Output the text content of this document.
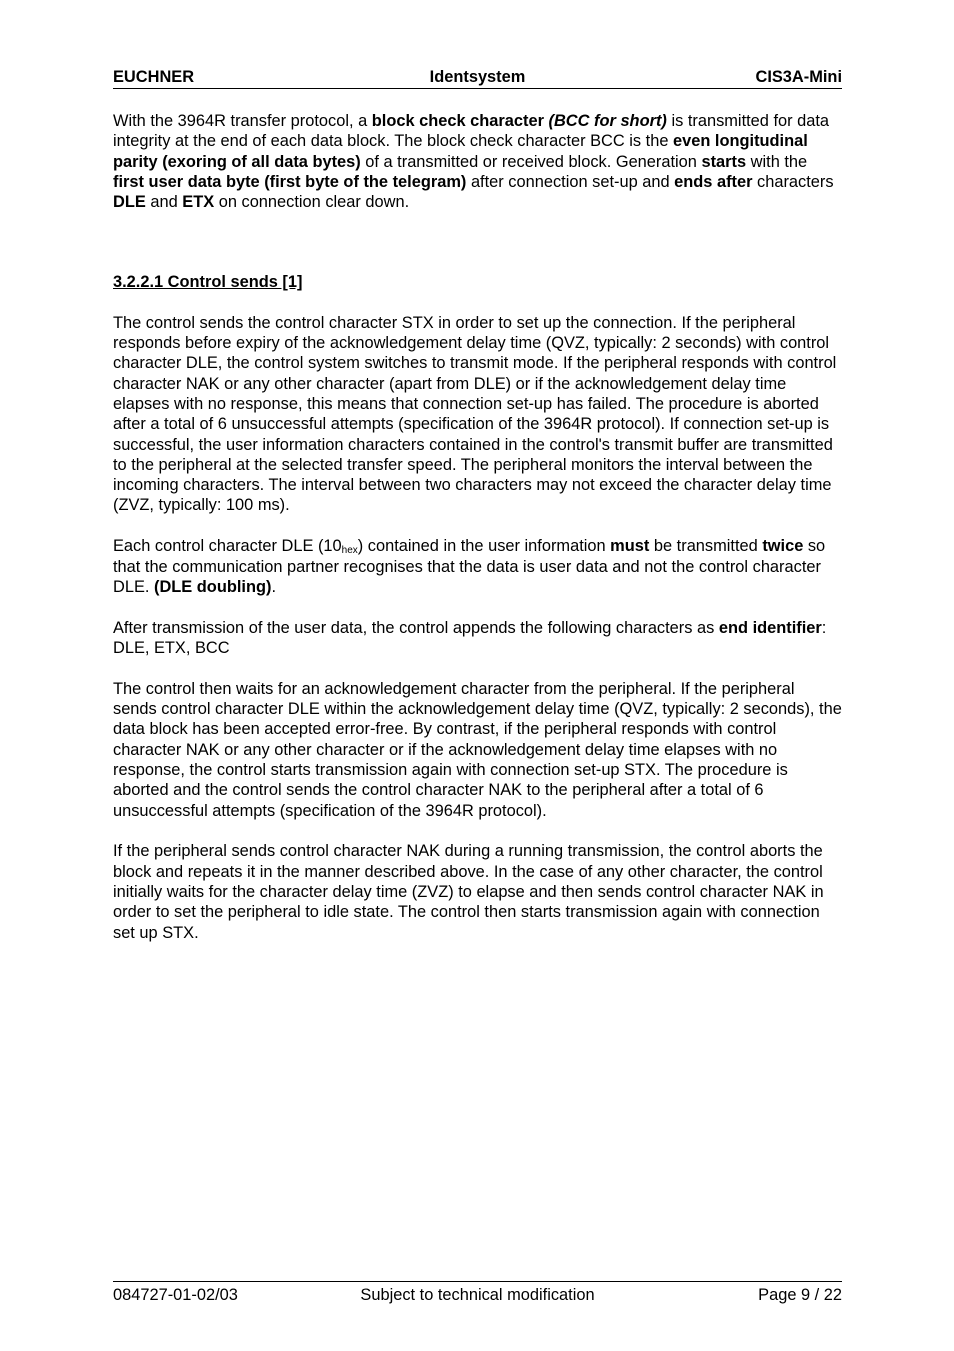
Identsystem
EUCHNER	CIS3A-Mini

With the 3964R transfer protocol, a block check character (BCC for short) is transmitted for data integrity at the end of each data block. The block check character BCC is the even longitudinal parity (exoring of all data bytes) of a transmitted or received block. Generation starts with the first user data byte (first byte of the telegram) after connection set-up and ends after characters DLE and ETX on connection clear down.

3.2.2.1 Control sends [1]

The control sends the control character STX in order to set up the connection. If the peripheral responds before expiry of the acknowledgement delay time (QVZ, typically: 2 seconds) with control character DLE, the control system switches to transmit mode. If the peripheral responds with control character NAK or any other character (apart from DLE) or if the acknowledgement delay time elapses with no response, this means that connection set-up has failed. The procedure is aborted after a total of 6 unsuccessful attempts (specification of the 3964R protocol). If connection set-up is successful, the user information characters contained in the control's transmit buffer are transmitted to the peripheral at the selected transfer speed. The peripheral monitors the interval between the incoming characters. The interval between two characters may not exceed the character delay time (ZVZ, typically: 100 ms).

Each control character DLE $(10_{hex})$ contained in the user information must be transmitted twice so that the communication partner recognises that the data is user data and not the control character DLE. (DLE doubling).

After transmission of the user data, the control appends the following characters as end identifier: DLE, ETX, BCC

The control then waits for an acknowledgement character from the peripheral. If the peripheral sends control character DLE within the acknowledgement delay time (QVZ, typically: 2 seconds), the data block has been accepted error-free. By contrast, if the peripheral responds with control character NAK or any other character or if the acknowledgement delay time elapses with no response, the control starts transmission again with connection set-up STX. The procedure is aborted and the control sends the control character NAK to the peripheral after a total of 6 unsuccessful attempts (specification of the 3964R protocol).

If the peripheral sends control character NAK during a running transmission, the control aborts the block and repeats it in the manner described above. In the case of any other character, the control initially waits for the character delay time (ZVZ) to elapse and then sends control character NAK in order to set the peripheral to idle state. The control then starts transmission again with connection set up STX.

Subject to technical modification
084727-01-02/03	Page 9 / 22
